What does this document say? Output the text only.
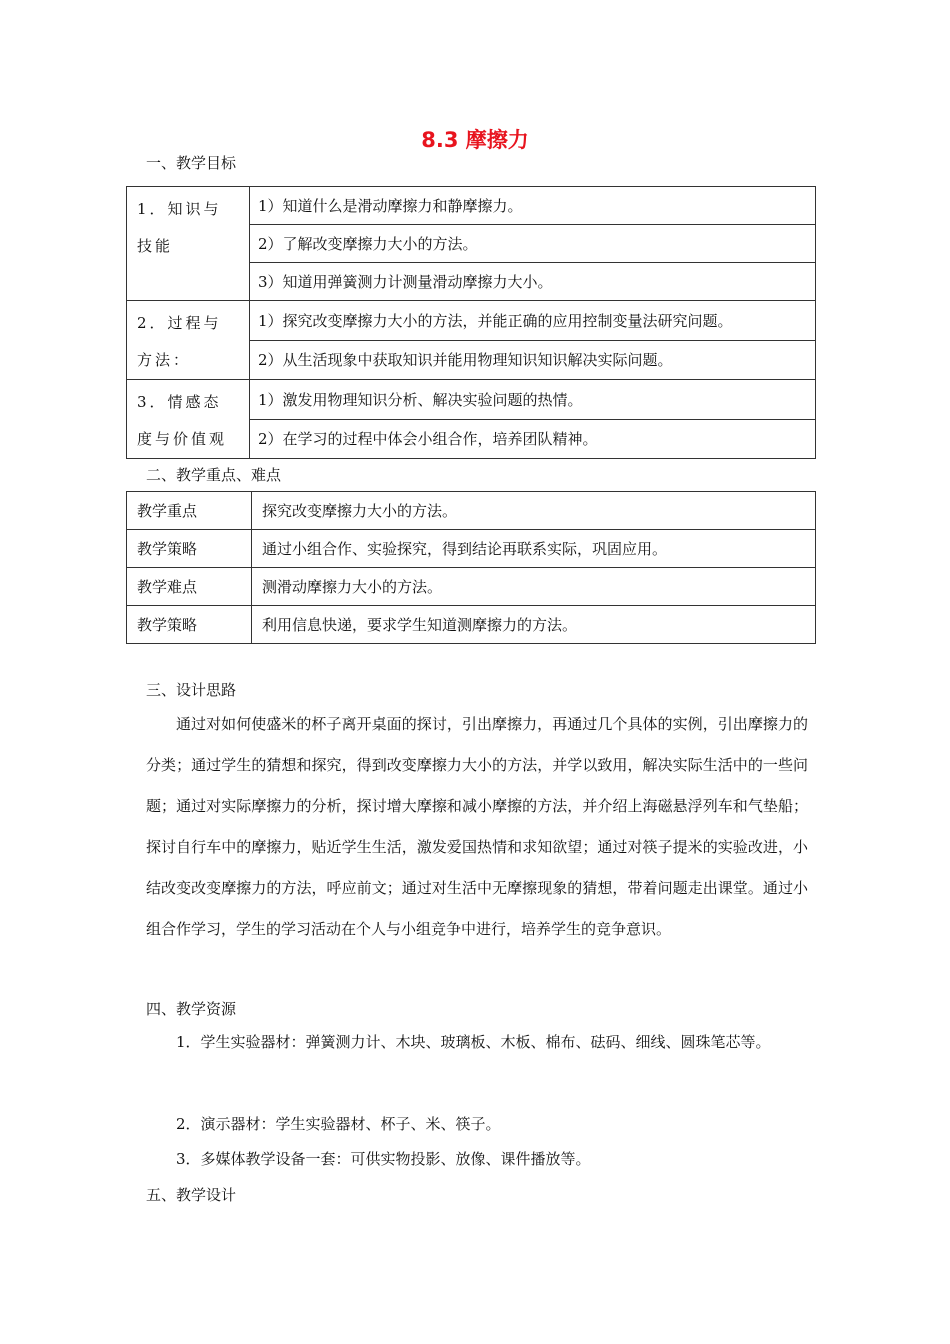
8.3 摩擦力
一、教学目标
1．知识与技能	1）知道什么是滑动摩擦力和静摩擦力。
	2）了解改变摩擦力大小的方法。
	3）知道用弹簧测力计测量滑动摩擦力大小。
2．过程与方法：	1）探究改变摩擦力大小的方法，并能正确的应用控制变量法研究问题。
	2）从生活现象中获取知识并能用物理知识知识解决实际问题。
3．情感态度与价值观	1）激发用物理知识分析、解决实验问题的热情。
	2）在学习的过程中体会小组合作，培养团队精神。
二、教学重点、难点
教学重点	探究改变摩擦力大小的方法。
教学策略	通过小组合作、实验探究，得到结论再联系实际，巩固应用。
教学难点	测滑动摩擦力大小的方法。
教学策略	利用信息快递，要求学生知道测摩擦力的方法。
三、设计思路

通过对如何使盛米的杯子离开桌面的探讨，引出摩擦力，再通过几个具体的实例，引出摩擦力的分类；通过学生的猜想和探究，得到改变摩擦力大小的方法，并学以致用，解决实际生活中的一些问题；通过对实际摩擦力的分析，探讨增大摩擦和减小摩擦的方法，并介绍上海磁悬浮列车和气垫船；探讨自行车中的摩擦力，贴近学生生活，激发爱国热情和求知欲望；通过对筷子提米的实验改进，小结改变改变摩擦力的方法，呼应前文；通过对生活中无摩擦现象的猜想，带着问题走出课堂。通过小组合作学习，学生的学习活动在个人与小组竞争中进行，培养学生的竞争意识。

四、教学资源

1．学生实验器材：弹簧测力计、木块、玻璃板、木板、棉布、砝码、细线、圆珠笔芯等。

2．演示器材：学生实验器材、杯子、米、筷子。

3．多媒体教学设备一套：可供实物投影、放像、课件播放等。

五、教学设计
